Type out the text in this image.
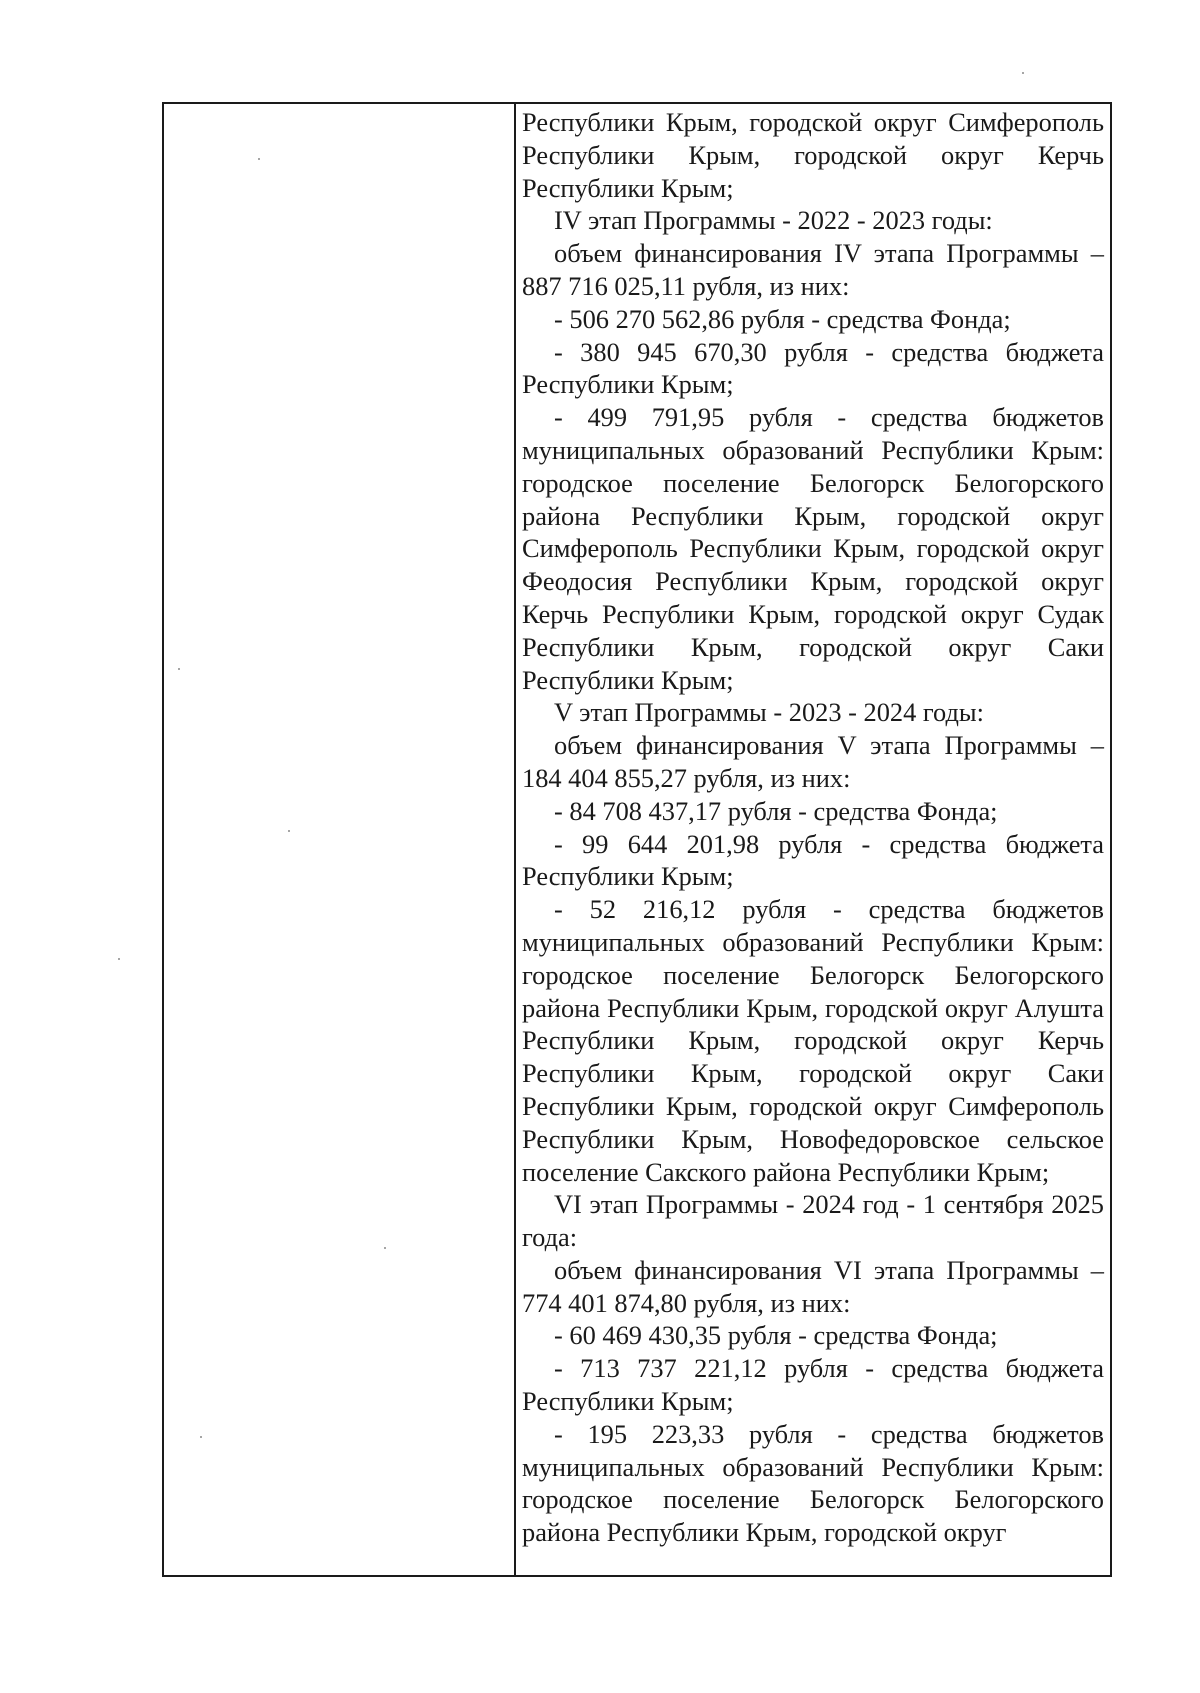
Республики Крым, городской округ Симферополь Республики Крым, городской округ Керчь Республики Крым;

IV этап Программы - 2022 - 2023 годы:

объем финансирования IV этапа Программы – 887 716 025,11 рубля, из них:

- 506 270 562,86 рубля - средства Фонда;

- 380 945 670,30 рубля - средства бюджета Республики Крым;

- 499 791,95 рубля - средства бюджетов муниципальных образований Республики Крым: городское поселение Белогорск Белогорского района Республики Крым, городской округ Симферополь Республики Крым, городской округ Феодосия Республики Крым, городской округ Керчь Республики Крым, городской округ Судак Республики Крым, городской округ Саки Республики Крым;

V этап Программы - 2023 - 2024 годы:

объем финансирования V этапа Программы – 184 404 855,27 рубля, из них:

- 84 708 437,17 рубля - средства Фонда;

- 99 644 201,98 рубля - средства бюджета Республики Крым;

- 52 216,12 рубля - средства бюджетов муниципальных образований Республики Крым: городское поселение Белогорск Белогорского района Республики Крым, городской округ Алушта Республики Крым, городской округ Керчь Республики Крым, городской округ Саки Республики Крым, городской округ Симферополь Республики Крым, Новофедоровское сельское поселение Сакского района Республики Крым;

VI этап Программы - 2024 год - 1 сентября 2025 года:

объем финансирования VI этапа Программы – 774 401 874,80 рубля, из них:

- 60 469 430,35 рубля - средства Фонда;

- 713 737 221,12 рубля - средства бюджета Республики Крым;

- 195 223,33 рубля - средства бюджетов муниципальных образований Республики Крым: городское поселение Белогорск Белогорского района Республики Крым, городской округ
